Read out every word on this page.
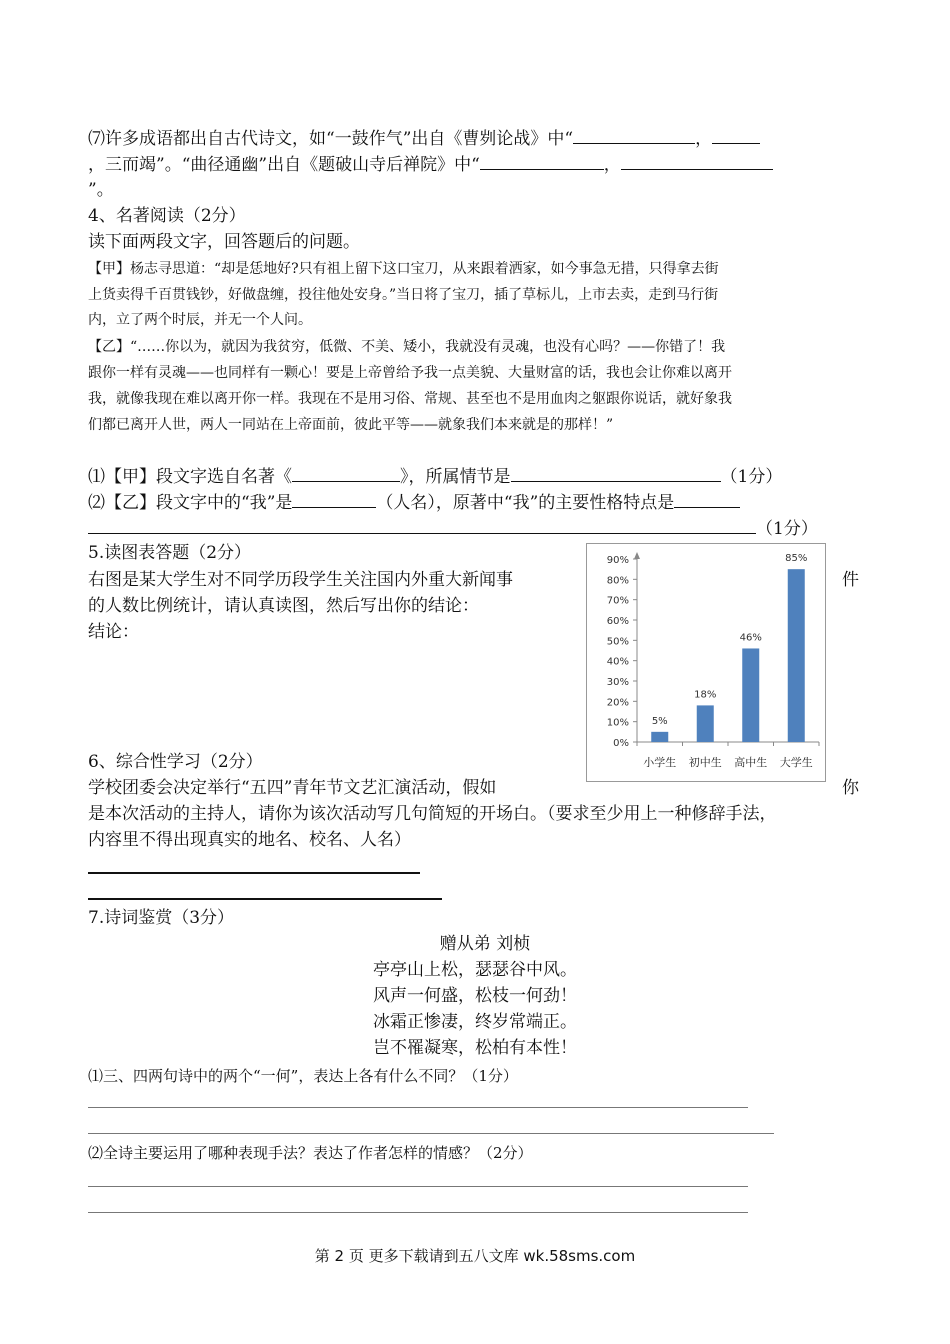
⑺许多成语都出自古代诗文，如“一鼓作气”出自《曹刿论战》中“	，
，三而竭”。“曲径通幽”出自《题破山寺后禅院》中“	，
”。
4、名著阅读（2分）
读下面两段文字，回答题后的问题。
【甲】杨志寻思道：“却是恁地好?只有祖上留下这口宝刀，从来跟着洒家，如今事急无措，只得拿去街
上货卖得千百贯钱钞，好做盘缠，投往他处安身。”当日将了宝刀，插了草标儿，上市去卖，走到马行街
内，立了两个时辰，并无一个人问。
【乙】“……你以为，就因为我贫穷，低微、不美、矮小，我就没有灵魂，也没有心吗？——你错了！我
跟你一样有灵魂——也同样有一颗心！要是上帝曾给予我一点美貌、大量财富的话，我也会让你难以离开
我，就像我现在难以离开你一样。我现在不是用习俗、常规、甚至也不是用血肉之躯跟你说话，就好象我
们都已离开人世，两人一同站在上帝面前，彼此平等——就象我们本来就是的那样！”
⑴【甲】段文字选自名著《	》，所属情节是	（1分）
⑵【乙】段文字中的“我”是	（人名），原著中“我”的主要性格特点是
（1分）
5.读图表答题（2分）
右图是某大学生对不同学历段学生关注国内外重大新闻事	件
的人数比例统计，请认真读图，然后写出你的结论：
结论：
0%
10%
20%
30%
40%
50%
60%
70%
80%
90%
5%
小学生
18%
初中生
46%
高中生
85%
大学生
6、综合性学习（2分）
学校团委会决定举行“五四”青年节文艺汇演活动，假如	你
是本次活动的主持人，请你为该次活动写几句简短的开场白。（要求至少用上一种修辞手法，
内容里不得出现真实的地名、校名、人名）
7.诗词鉴赏（3分）
赠从弟 刘桢
亭亭山上松，瑟瑟谷中风。
风声一何盛，松枝一何劲！
冰霜正惨凄，终岁常端正。
岂不罹凝寒，松柏有本性！
⑴三、四两句诗中的两个“一何”，表达上各有什么不同？（1分）
⑵全诗主要运用了哪种表现手法？表达了作者怎样的情感？（2分）
第 2 页 更多下载请到五八文库 wk.58sms.com
